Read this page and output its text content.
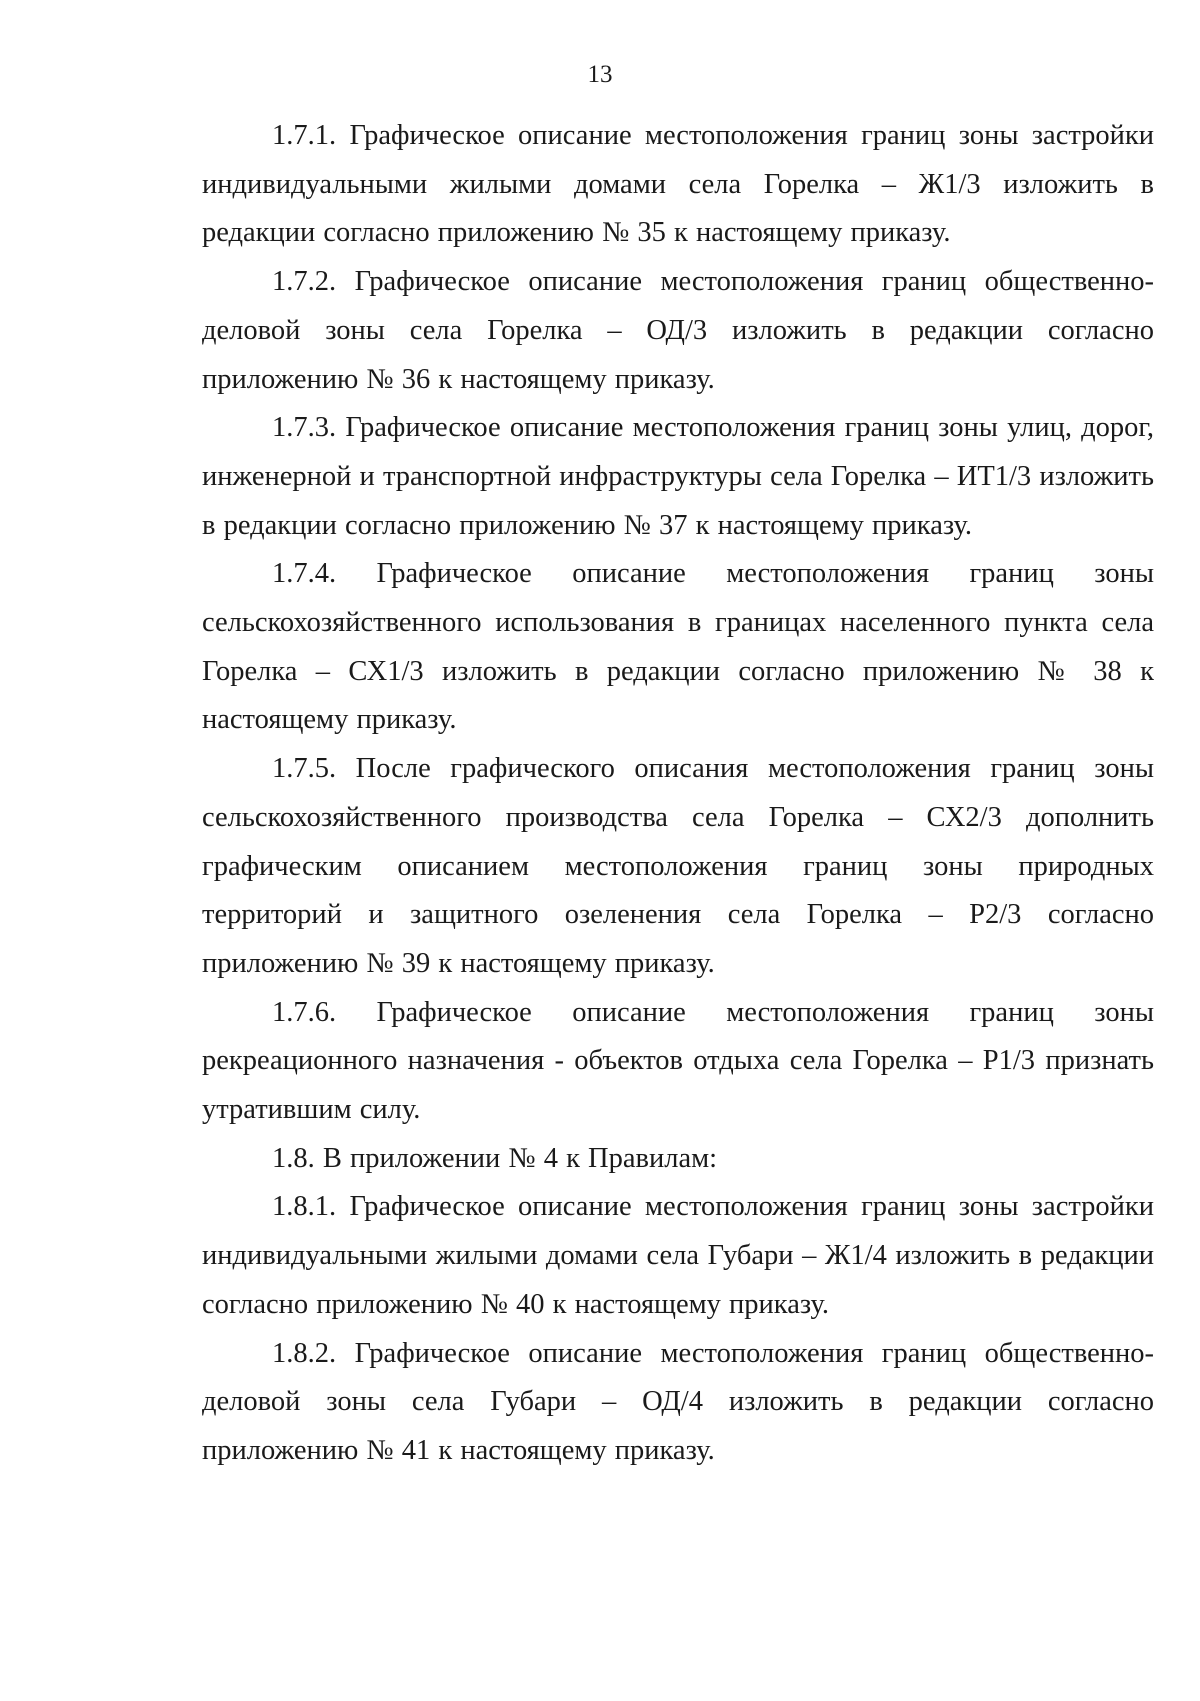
13

1.7.1. Графическое описание местоположения границ зоны застройки индивидуальными жилыми домами села Горелка – Ж1/3 изложить в редакции согласно приложению № 35 к настоящему приказу.

1.7.2. Графическое описание местоположения границ общественно-деловой зоны села Горелка – ОД/3 изложить в редакции согласно приложению № 36 к настоящему приказу.

1.7.3. Графическое описание местоположения границ зоны улиц, дорог, инженерной и транспортной инфраструктуры села Горелка – ИТ1/3 изложить в редакции согласно приложению № 37 к настоящему приказу.

1.7.4. Графическое описание местоположения границ зоны сельскохозяйственного использования в границах населенного пункта села Горелка – СХ1/3 изложить в редакции согласно приложению № 38 к настоящему приказу.

1.7.5. После графического описания местоположения границ зоны сельскохозяйственного производства села Горелка – СХ2/3 дополнить графическим описанием местоположения границ зоны природных территорий и защитного озеленения села Горелка – Р2/3 согласно приложению № 39 к настоящему приказу.

1.7.6. Графическое описание местоположения границ зоны рекреационного назначения - объектов отдыха села Горелка – Р1/3 признать утратившим силу.

1.8. В приложении № 4 к Правилам:

1.8.1. Графическое описание местоположения границ зоны застройки индивидуальными жилыми домами села Губари – Ж1/4 изложить в редакции согласно приложению № 40 к настоящему приказу.

1.8.2. Графическое описание местоположения границ общественно-деловой зоны села Губари – ОД/4 изложить в редакции согласно приложению № 41 к настоящему приказу.
